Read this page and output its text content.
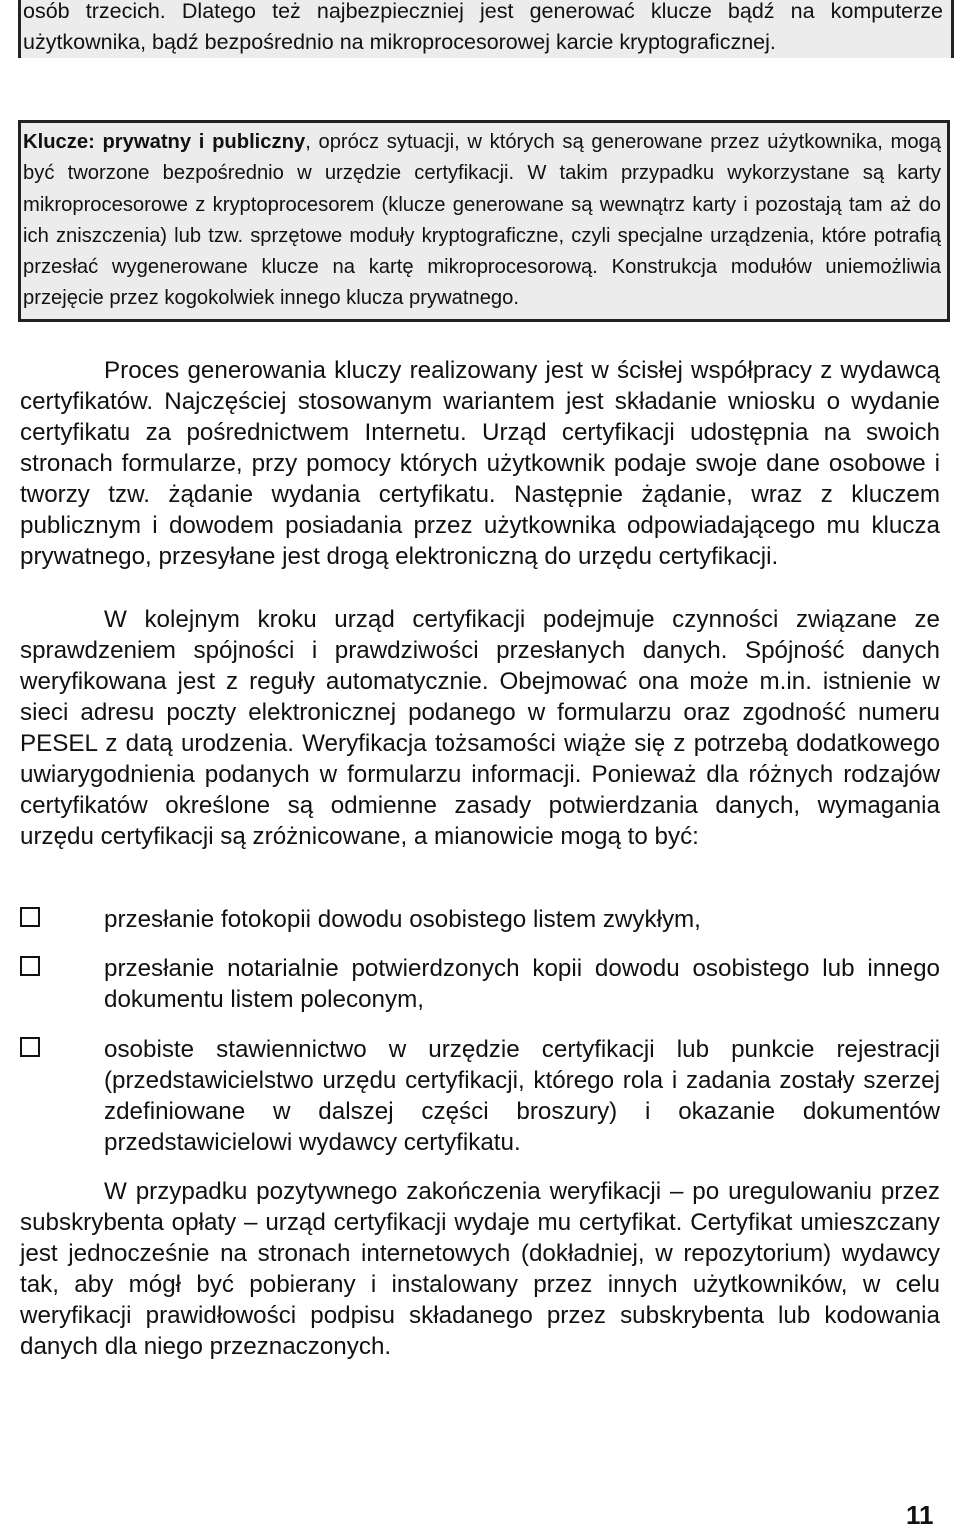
osób trzecich. Dlatego też najbezpieczniej jest generować klucze bądź na komputerze użytkownika, bądź bezpośrednio na mikroprocesorowej karcie kryptograficznej.
Klucze: prywatny i publiczny, oprócz sytuacji, w których są generowane przez użytkownika, mogą być tworzone bezpośrednio w urzędzie certyfikacji. W takim przypadku wykorzystane są karty mikroprocesorowe z kryptoprocesorem (klucze generowane są wewnątrz karty i pozostają tam aż do ich zniszczenia) lub tzw. sprzętowe moduły kryptograficzne, czyli specjalne urządzenia, które potrafią przesłać wygenerowane klucze na kartę mikroprocesorową. Konstrukcja modułów uniemożliwia przejęcie przez kogokolwiek innego klucza prywatnego.
Proces generowania kluczy realizowany jest w ścisłej współpracy z wydawcą certyfikatów. Najczęściej stosowanym wariantem jest składanie wniosku o wydanie certyfikatu za pośrednictwem Internetu. Urząd certyfikacji udostępnia na swoich stronach formularze, przy pomocy których użytkownik podaje swoje dane osobowe i tworzy tzw. żądanie wydania certyfikatu. Następnie żądanie, wraz z kluczem publicznym i dowodem posiadania przez użytkownika odpowiadającego mu klucza prywatnego, przesyłane jest drogą elektroniczną do urzędu certyfikacji.
W kolejnym kroku urząd certyfikacji podejmuje czynności związane ze sprawdzeniem spójności i prawdziwości przesłanych danych. Spójność danych weryfikowana jest z reguły automatycznie. Obejmować ona może m.in. istnienie w sieci adresu poczty elektronicznej podanego w formularzu oraz zgodność numeru PESEL z datą urodzenia. Weryfikacja tożsamości wiąże się z potrzebą dodatkowego uwiarygodnienia podanych w formularzu informacji. Ponieważ dla różnych rodzajów certyfikatów określone są odmienne zasady potwierdzania danych, wymagania urzędu certyfikacji są zróżnicowane, a mianowicie mogą to być:
przesłanie fotokopii dowodu osobistego listem zwykłym,
przesłanie notarialnie potwierdzonych kopii dowodu osobistego lub innego dokumentu listem poleconym,
osobiste stawiennictwo w urzędzie certyfikacji lub punkcie rejestracji (przedstawicielstwo urzędu certyfikacji, którego rola i zadania zostały szerzej zdefiniowane w dalszej części broszury) i okazanie dokumentów przedstawicielowi wydawcy certyfikatu.
W przypadku pozytywnego zakończenia weryfikacji – po uregulowaniu przez subskrybenta opłaty – urząd certyfikacji wydaje mu certyfikat. Certyfikat umieszczany jest jednocześnie na stronach internetowych (dokładniej, w repozytorium) wydawcy tak, aby mógł być pobierany i instalowany przez innych użytkowników, w celu weryfikacji prawidłowości podpisu składanego przez subskrybenta lub kodowania danych dla niego przeznaczonych.
11
